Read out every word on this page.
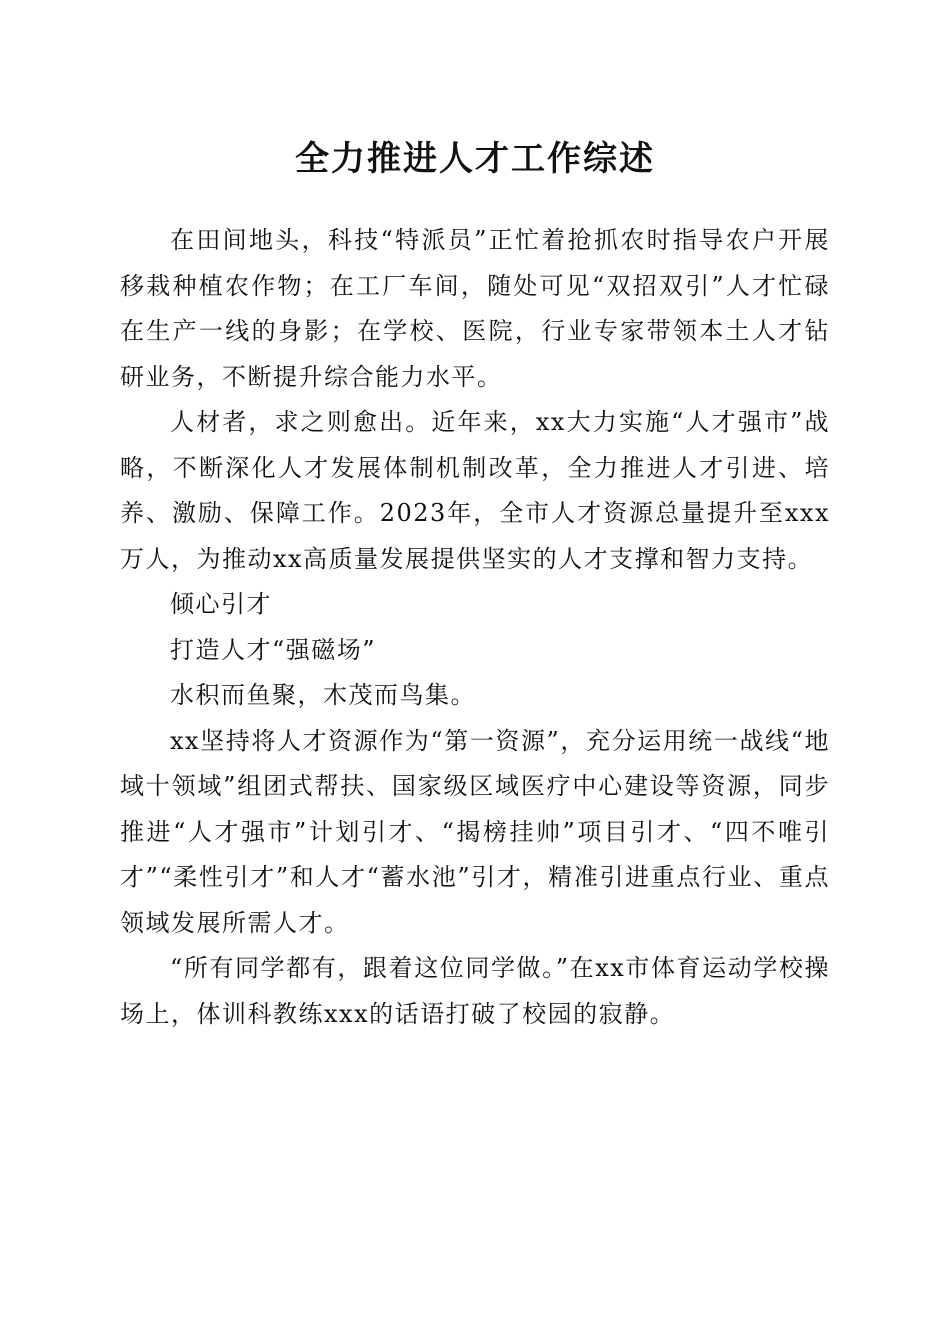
全力推进人才工作综述

在田间地头，科技“特派员”正忙着抢抓农时指导农户开展移栽种植农作物；在工厂车间，随处可见“双招双引”人才忙碌在生产一线的身影；在学校、医院，行业专家带领本土人才钻研业务，不断提升综合能力水平。

人材者，求之则愈出。近年来，xx大力实施“人才强市”战略，不断深化人才发展体制机制改革，全力推进人才引进、培养、激励、保障工作。2023年，全市人才资源总量提升至xxx万人，为推动xx高质量发展提供坚实的人才支撑和智力支持。

倾心引才

打造人才“强磁场”

水积而鱼聚，木茂而鸟集。

xx坚持将人才资源作为“第一资源”，充分运用统一战线“地域十领域”组团式帮扶、国家级区域医疗中心建设等资源，同步推进“人才强市”计划引才、“揭榜挂帅”项目引才、“四不唯引才”“柔性引才”和人才“蓄水池”引才，精准引进重点行业、重点领域发展所需人才。

“所有同学都有，跟着这位同学做。”在xx市体育运动学校操场上，体训科教练xxx的话语打破了校园的寂静。
